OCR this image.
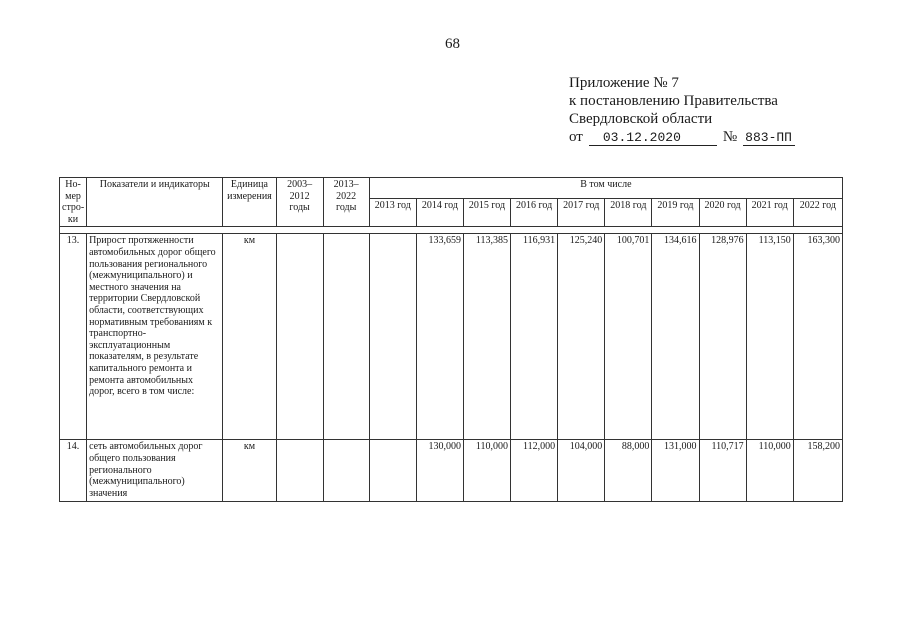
68
Приложение № 7
к постановлению Правительства
Свердловской области
от 03.12.2020	№ 883-ПП
Но-мер стро-ки	Показатели и индикаторы	Единица измерения	2003–2012 годы	2013–2022 годы	В том числе									
					2013 год	2014 год	2015 год	2016 год	2017 год	2018 год	2019 год	2020 год	2021 год	2022 год

13.	Прирост протяженности автомобильных дорог общего пользования регионального (межмуниципального) и местного значения на территории Свердловской области, соответствующих нормативным требованиям к транспортно-эксплуатационным показателям, в результате капитального ремонта и ремонта автомобильных дорог, всего в том числе:	км				133,659	113,385	116,931	125,240	100,701	134,616	128,976	113,150	163,300
14.	сеть автомобильных дорог общего пользования регионального (межмуниципального) значения	км				130,000	110,000	112,000	104,000	88,000	131,000	110,717	110,000	158,200
